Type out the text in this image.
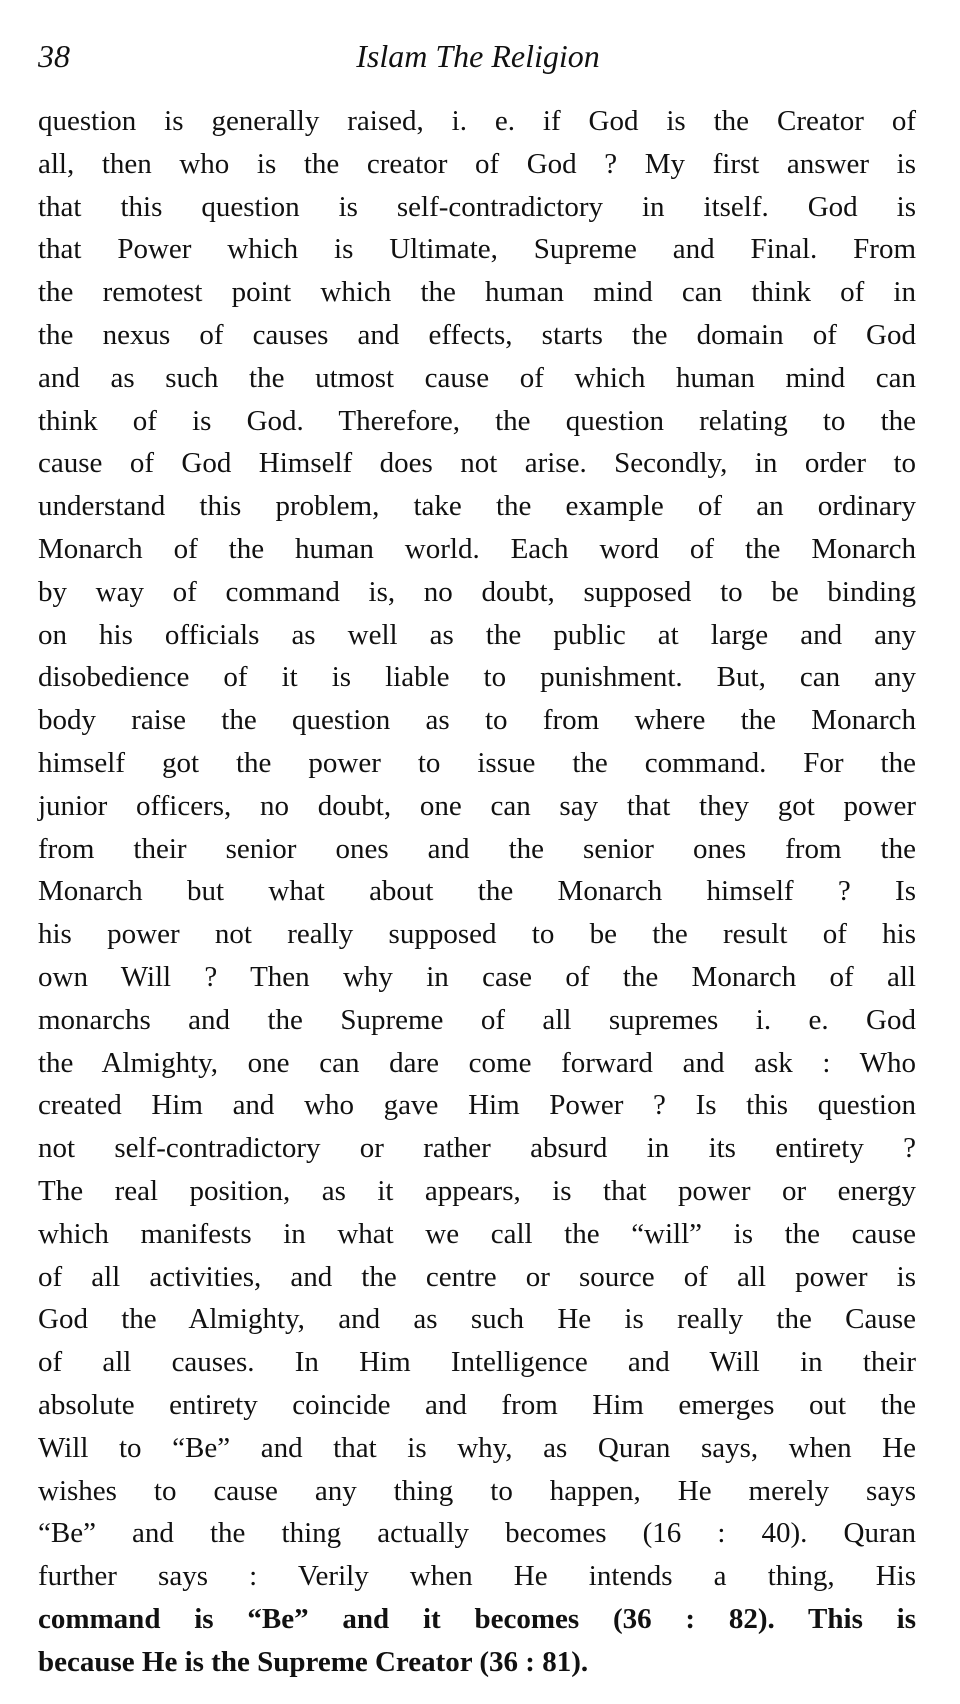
38	Islam The Religion
question is generally raised, i. e. if God is the Creator of
all, then who is the creator of God ? My first answer is
that this question is self-contradictory in itself. God is
that Power which is Ultimate, Supreme and Final. From
the remotest point which the human mind can think of in
the nexus of causes and effects, starts the domain of God
and as such the utmost cause of which human mind can
think of is God. Therefore, the question relating to the
cause of God Himself does not arise. Secondly, in order to
understand this problem, take the example of an ordinary
Monarch of the human world. Each word of the Monarch
by way of command is, no doubt, supposed to be binding
on his officials as well as the public at large and any
disobedience of it is liable to punishment. But, can any
body raise the question as to from where the Monarch
himself got the power to issue the command. For the
junior officers, no doubt, one can say that they got power
from their senior ones and the senior ones from the
Monarch but what about the Monarch himself ? Is
his power not really supposed to be the result of his
own Will ? Then why in case of the Monarch of all
monarchs and the Supreme of all supremes i. e. God
the Almighty, one can dare come forward and ask : Who
created Him and who gave Him Power ? Is this question
not self-contradictory or rather absurd in its entirety ?
The real position, as it appears, is that power or energy
which manifests in what we call the “will” is the cause
of all activities, and the centre or source of all power is
God the Almighty, and as such He is really the Cause
of all causes. In Him Intelligence and Will in their
absolute entirety coincide and from Him emerges out the
Will to “Be” and that is why, as Quran says, when He
wishes to cause any thing to happen, He merely says
“Be” and the thing actually becomes (16 : 40). Quran
further says : Verily when He intends a thing, His
command is “Be” and it becomes (36 : 82). This is
because He is the Supreme Creator (36 : 81).
